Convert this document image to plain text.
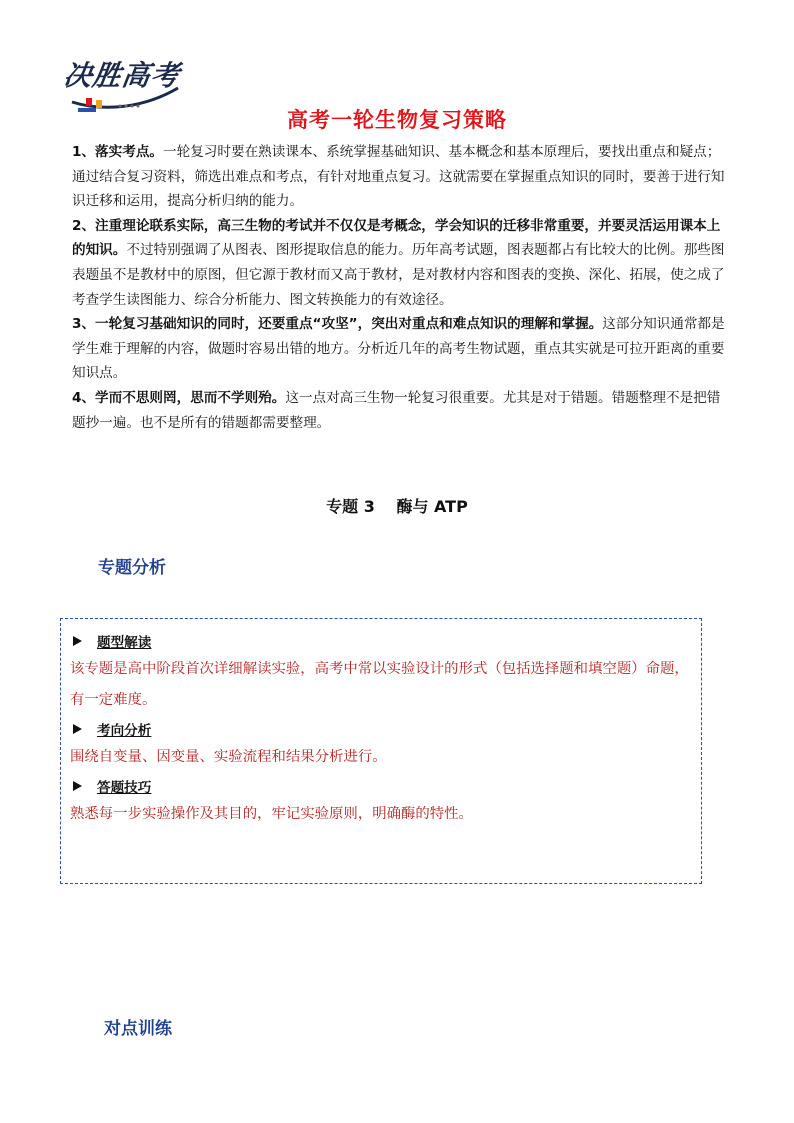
决胜高考
高考一轮生物复习策略

1、落实考点。一轮复习时要在熟读课本、系统掌握基础知识、基本概念和基本原理后，要找出重点和疑点；通过结合复习资料，筛选出难点和考点，有针对地重点复习。这就需要在掌握重点知识的同时，要善于进行知识迁移和运用，提高分析归纳的能力。

2、注重理论联系实际，高三生物的考试并不仅仅是考概念，学会知识的迁移非常重要，并要灵活运用课本上的知识。不过特别强调了从图表、图形提取信息的能力。历年高考试题，图表题都占有比较大的比例。那些图表题虽不是教材中的原图，但它源于教材而又高于教材，是对教材内容和图表的变换、深化、拓展，使之成了考查学生读图能力、综合分析能力、图文转换能力的有效途径。

3、一轮复习基础知识的同时，还要重点“攻坚”，突出对重点和难点知识的理解和掌握。这部分知识通常都是学生难于理解的内容，做题时容易出错的地方。分析近几年的高考生物试题，重点其实就是可拉开距离的重要知识点。

4、学而不思则罔，思而不学则殆。这一点对高三生物一轮复习很重要。尤其是对于错题。错题整理不是把错题抄一遍。也不是所有的错题都需要整理。

专题 3　 酶与 ATP
专题分析
题型解读

该专题是高中阶段首次详细解读实验，高考中常以实验设计的形式（包括选择题和填空题）命题，有一定难度。

考向分析

围绕自变量、因变量、实验流程和结果分析进行。

答题技巧

熟悉每一步实验操作及其目的，牢记实验原则，明确酶的特性。

对点训练
